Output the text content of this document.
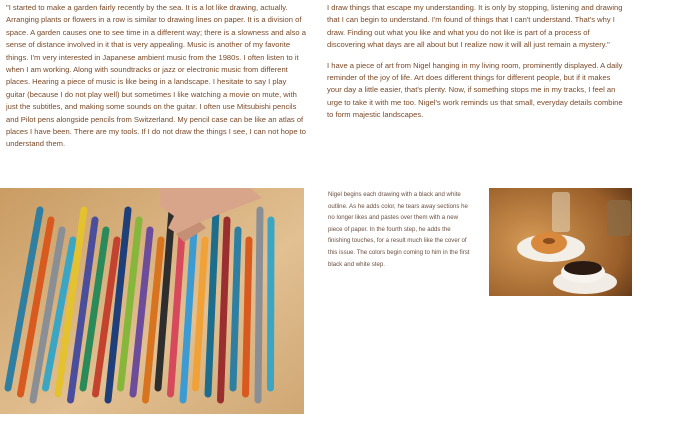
"I started to make a garden fairly recently by the sea. It is a lot like drawing, actually. Arranging plants or flowers in a row is similar to drawing lines on paper. It is a division of space. A garden causes one to see time in a different way; there is a slowness and also a sense of distance involved in it that is very appealing. Music is another of my favorite things. I'm very interested in Japanese ambient music from the 1980s. I often listen to it when I am working. Along with soundtracks or jazz or electronic music from different places. Hearing a piece of music is like being in a landscape. I hesitate to say I play guitar (because I do not play well) but sometimes I like watching a movie on mute, with just the subtitles, and making some sounds on the guitar. I often use Mitsubishi pencils and Pilot pens alongside pencils from Switzerland. My pencil case can be like an atlas of places I have been. There are my tools. If I do not draw the things I see, I can not hope to understand them.

I draw things that escape my understanding. It is only by stopping, listening and drawing that I can begin to understand. I'm found of things that I can't understand. That's why I draw. Finding out what you like and what you do not like is part of a process of discovering what days are all about but I realize now it will all just remain a mystery."

I have a piece of art from Nigel hanging in my living room, prominently displayed. A daily reminder of the joy of life. Art does different things for different people, but if it makes your day a little easier, that's plenty. Now, if something stops me in my tracks, I feel an urge to take it with me too. Nigel's work reminds us that small, everyday details combine to form majestic landscapes.

Nigel begins each drawing with a black and white outline. As he adds color, he tears away sections he no longer likes and pastes over them with a new piece of paper. In the fourth step, he adds the finishing touches, for a result much like the cover of this issue. The colors begin coming to him in the first black and white step.
